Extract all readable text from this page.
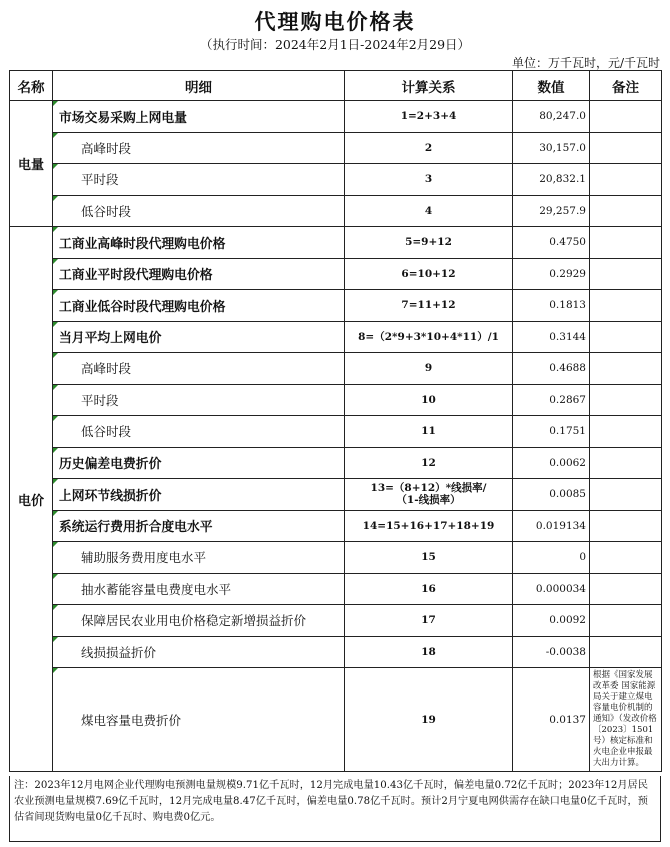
代理购电价格表
（执行时间：2024年2月1日-2024年2月29日）
单位：万千瓦时，元/千瓦时
名称	明细	计算关系	数值	备注
电量	市场交易采购上网电量	1=2+3+4	80,247.0	
	高峰时段	2	30,157.0	
	平时段	3	20,832.1	
	低谷时段	4	29,257.9	
电价	工商业高峰时段代理购电价格	5=9+12	0.4750	
	工商业平时段代理购电价格	6=10+12	0.2929	
	工商业低谷时段代理购电价格	7=11+12	0.1813	
	当月平均上网电价	8=（2*9+3*10+4*11）/1	0.3144	
	高峰时段	9	0.4688	
	平时段	10	0.2867	
	低谷时段	11	0.1751	
	历史偏差电费折价	12	0.0062	
	上网环节线损折价	13=（8+12）*线损率/（1-线损率）	0.0085	
	系统运行费用折合度电水平	14=15+16+17+18+19	0.019134	
	辅助服务费用度电水平	15	0	
	抽水蓄能容量电费度电水平	16	0.000034	
	保障居民农业用电价格稳定新增损益折价	17	0.0092	
	线损损益折价	18	-0.0038	
	煤电容量电费折价	19	0.0137	根据《国家发展改革委 国家能源局关于建立煤电容量电价机制的通知》（发改价格〔2023〕1501号）核定标准和火电企业申报最大出力计算。
注：2023年12月电网企业代理购电预测电量规模9.71亿千瓦时，12月完成电量10.43亿千瓦时，偏差电量0.72亿千瓦时；2023年12月居民农业预测电量规模7.69亿千瓦时，12月完成电量8.47亿千瓦时，偏差电量0.78亿千瓦时。预计2月宁夏电网供需存在缺口电量0亿千瓦时，预估省间现货购电量0亿千瓦时、购电费0亿元。
